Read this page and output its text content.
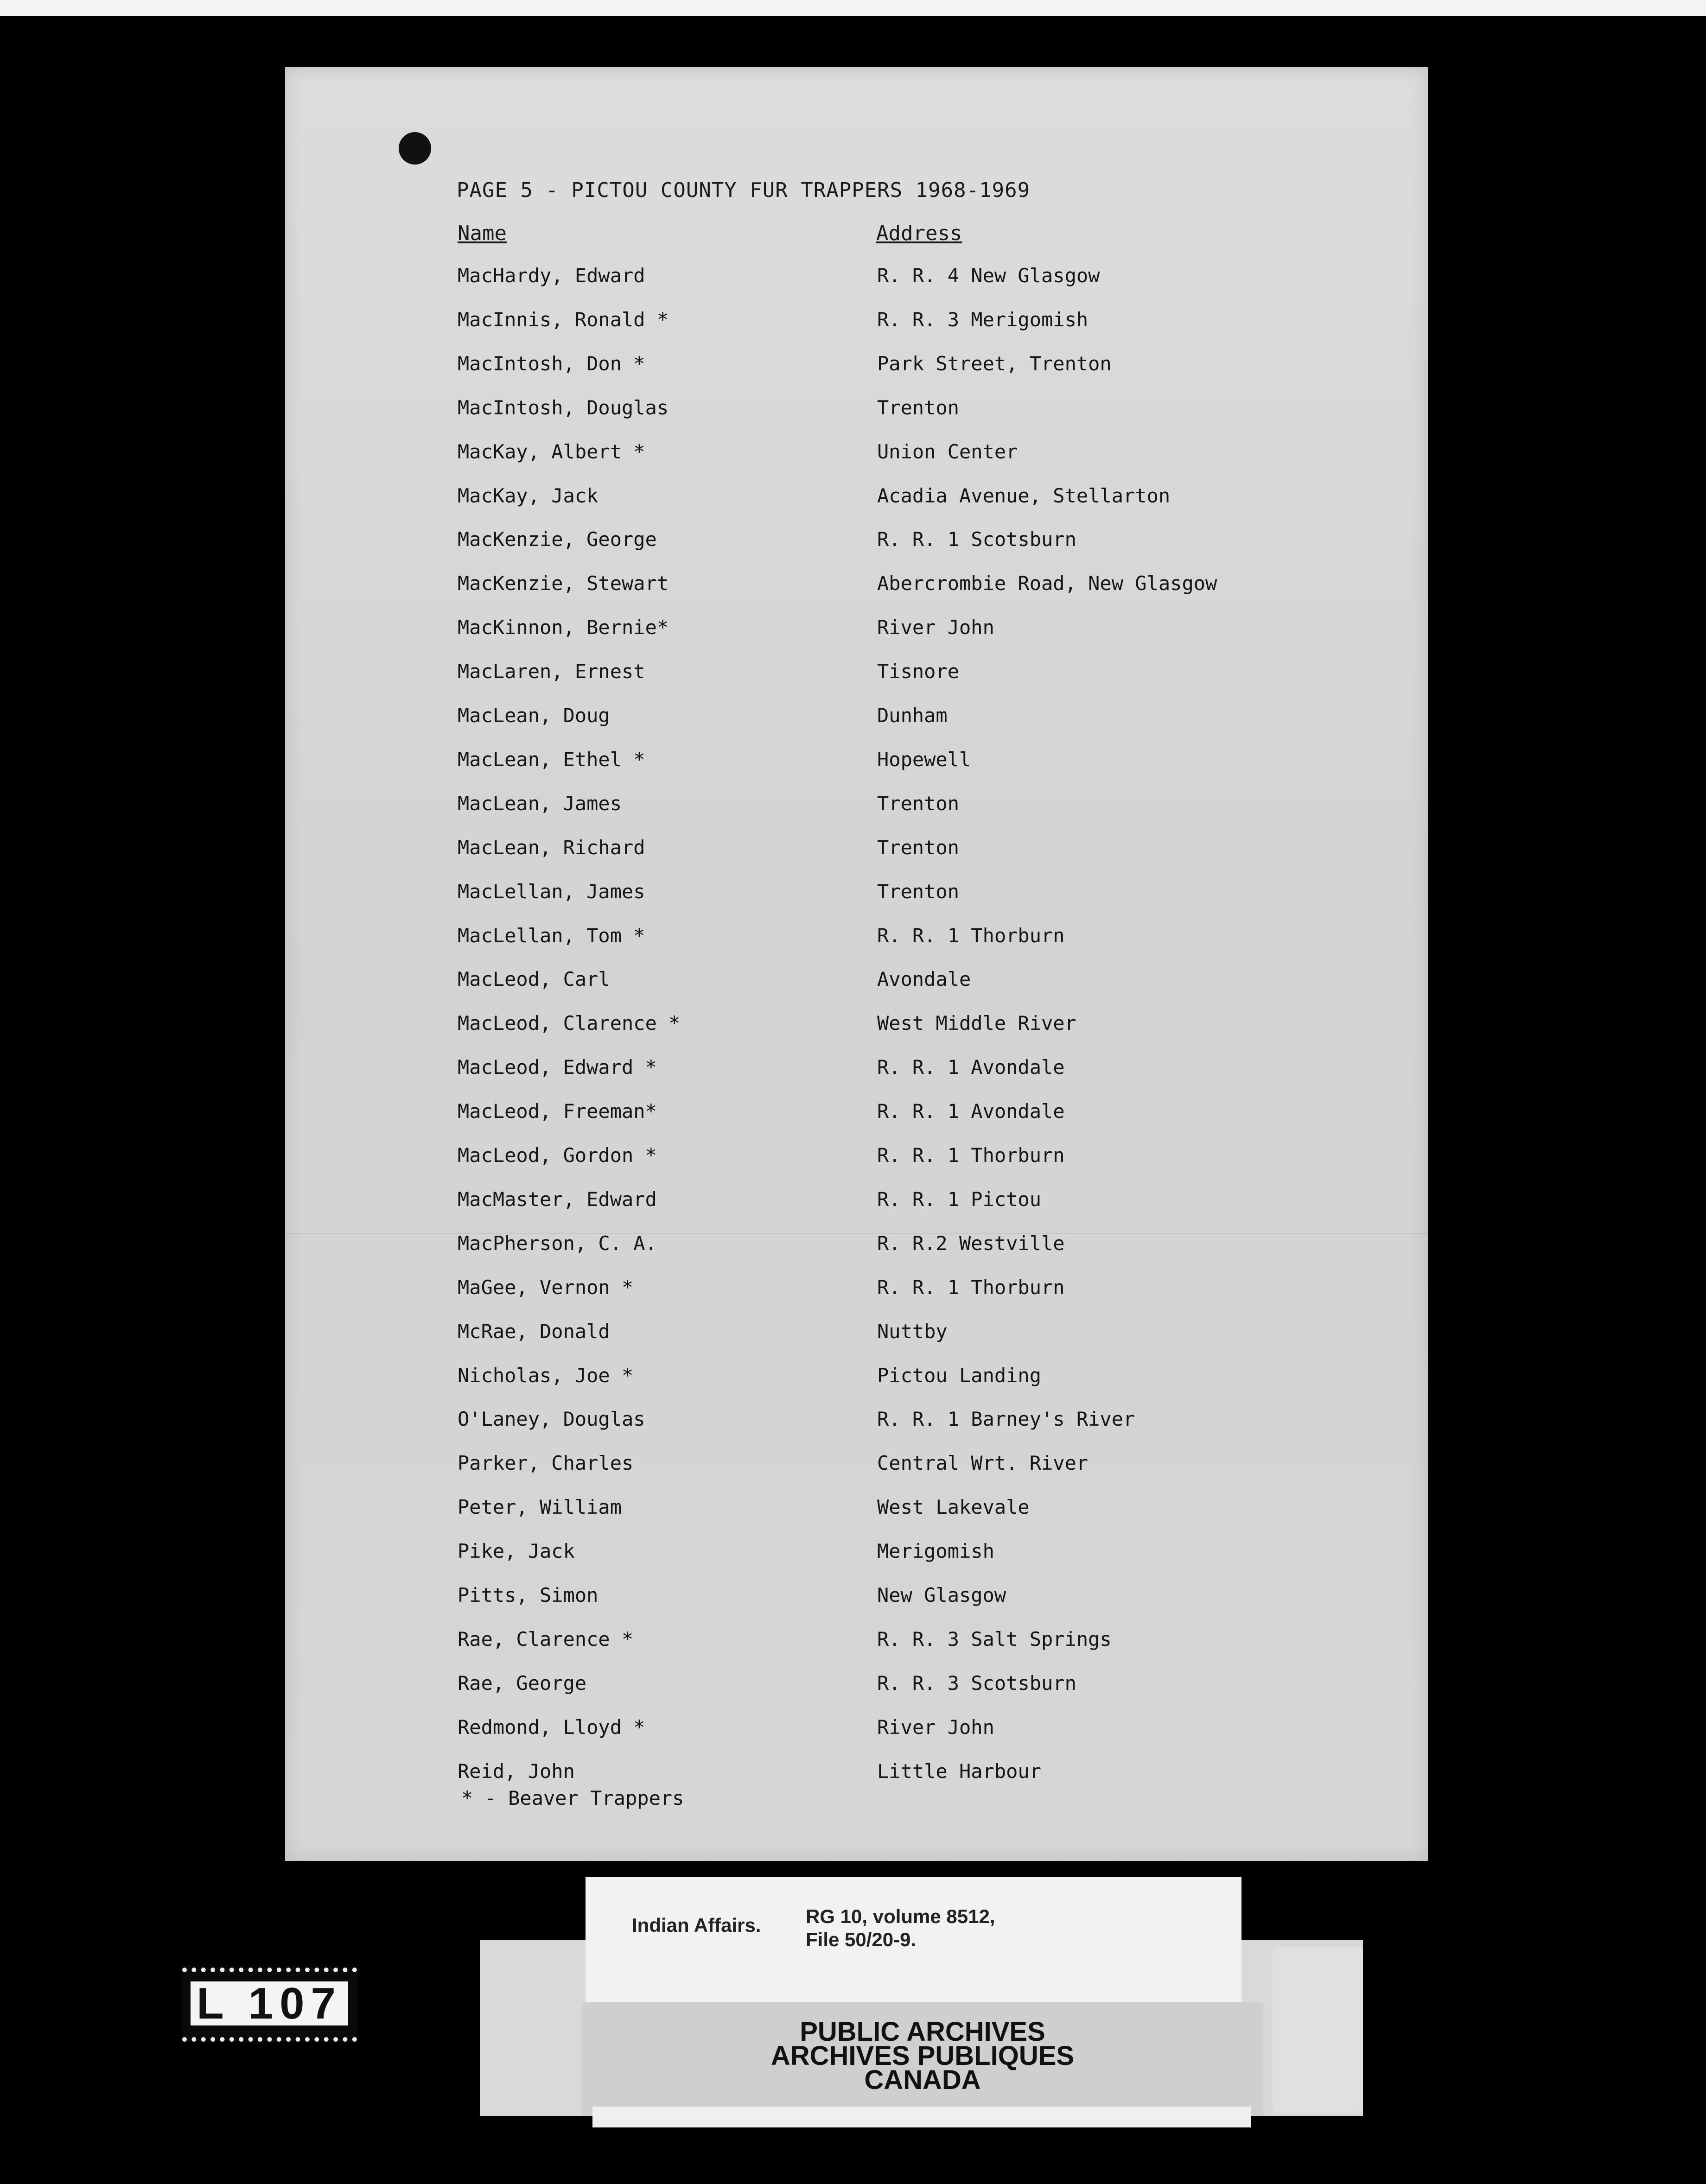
PAGE 5 - PICTOU COUNTY FUR TRAPPERS 1968-1969
Name	Address
MacHardy, Edward	R. R. 4 New Glasgow
MacInnis, Ronald *	R. R. 3 Merigomish
MacIntosh, Don *	Park Street, Trenton
MacIntosh, Douglas	Trenton
MacKay, Albert *	Union Center
MacKay, Jack	Acadia Avenue, Stellarton
MacKenzie, George	R. R. 1 Scotsburn
MacKenzie, Stewart	Abercrombie Road, New Glasgow
MacKinnon, Bernie*	River John
MacLaren, Ernest	Tisnore
MacLean, Doug	Dunham
MacLean, Ethel *	Hopewell
MacLean, James	Trenton
MacLean, Richard	Trenton
MacLellan, James	Trenton
MacLellan, Tom *	R. R. 1 Thorburn
MacLeod, Carl	Avondale
MacLeod, Clarence *	West Middle River
MacLeod, Edward *	R. R. 1 Avondale
MacLeod, Freeman*	R. R. 1 Avondale
MacLeod, Gordon *	R. R. 1 Thorburn
MacMaster, Edward	R. R. 1 Pictou
MacPherson, C. A.	R. R.2 Westville
MaGee, Vernon *	R. R. 1 Thorburn
McRae, Donald	Nuttby
Nicholas, Joe *	Pictou Landing
O'Laney, Douglas	R. R. 1 Barney's River
Parker, Charles	Central Wrt. River
Peter, William	West Lakevale
Pike, Jack	Merigomish
Pitts, Simon	New Glasgow
Rae, Clarence *	R. R. 3 Salt Springs
Rae, George	R. R. 3 Scotsburn
Redmond, Lloyd *	River John
Reid, John	Little Harbour
* - Beaver Trappers
Indian Affairs. RG 10, volume 8512,
File 50/20-9.
PUBLIC ARCHIVES
ARCHIVES PUBLIQUES
CANADA
L 107
